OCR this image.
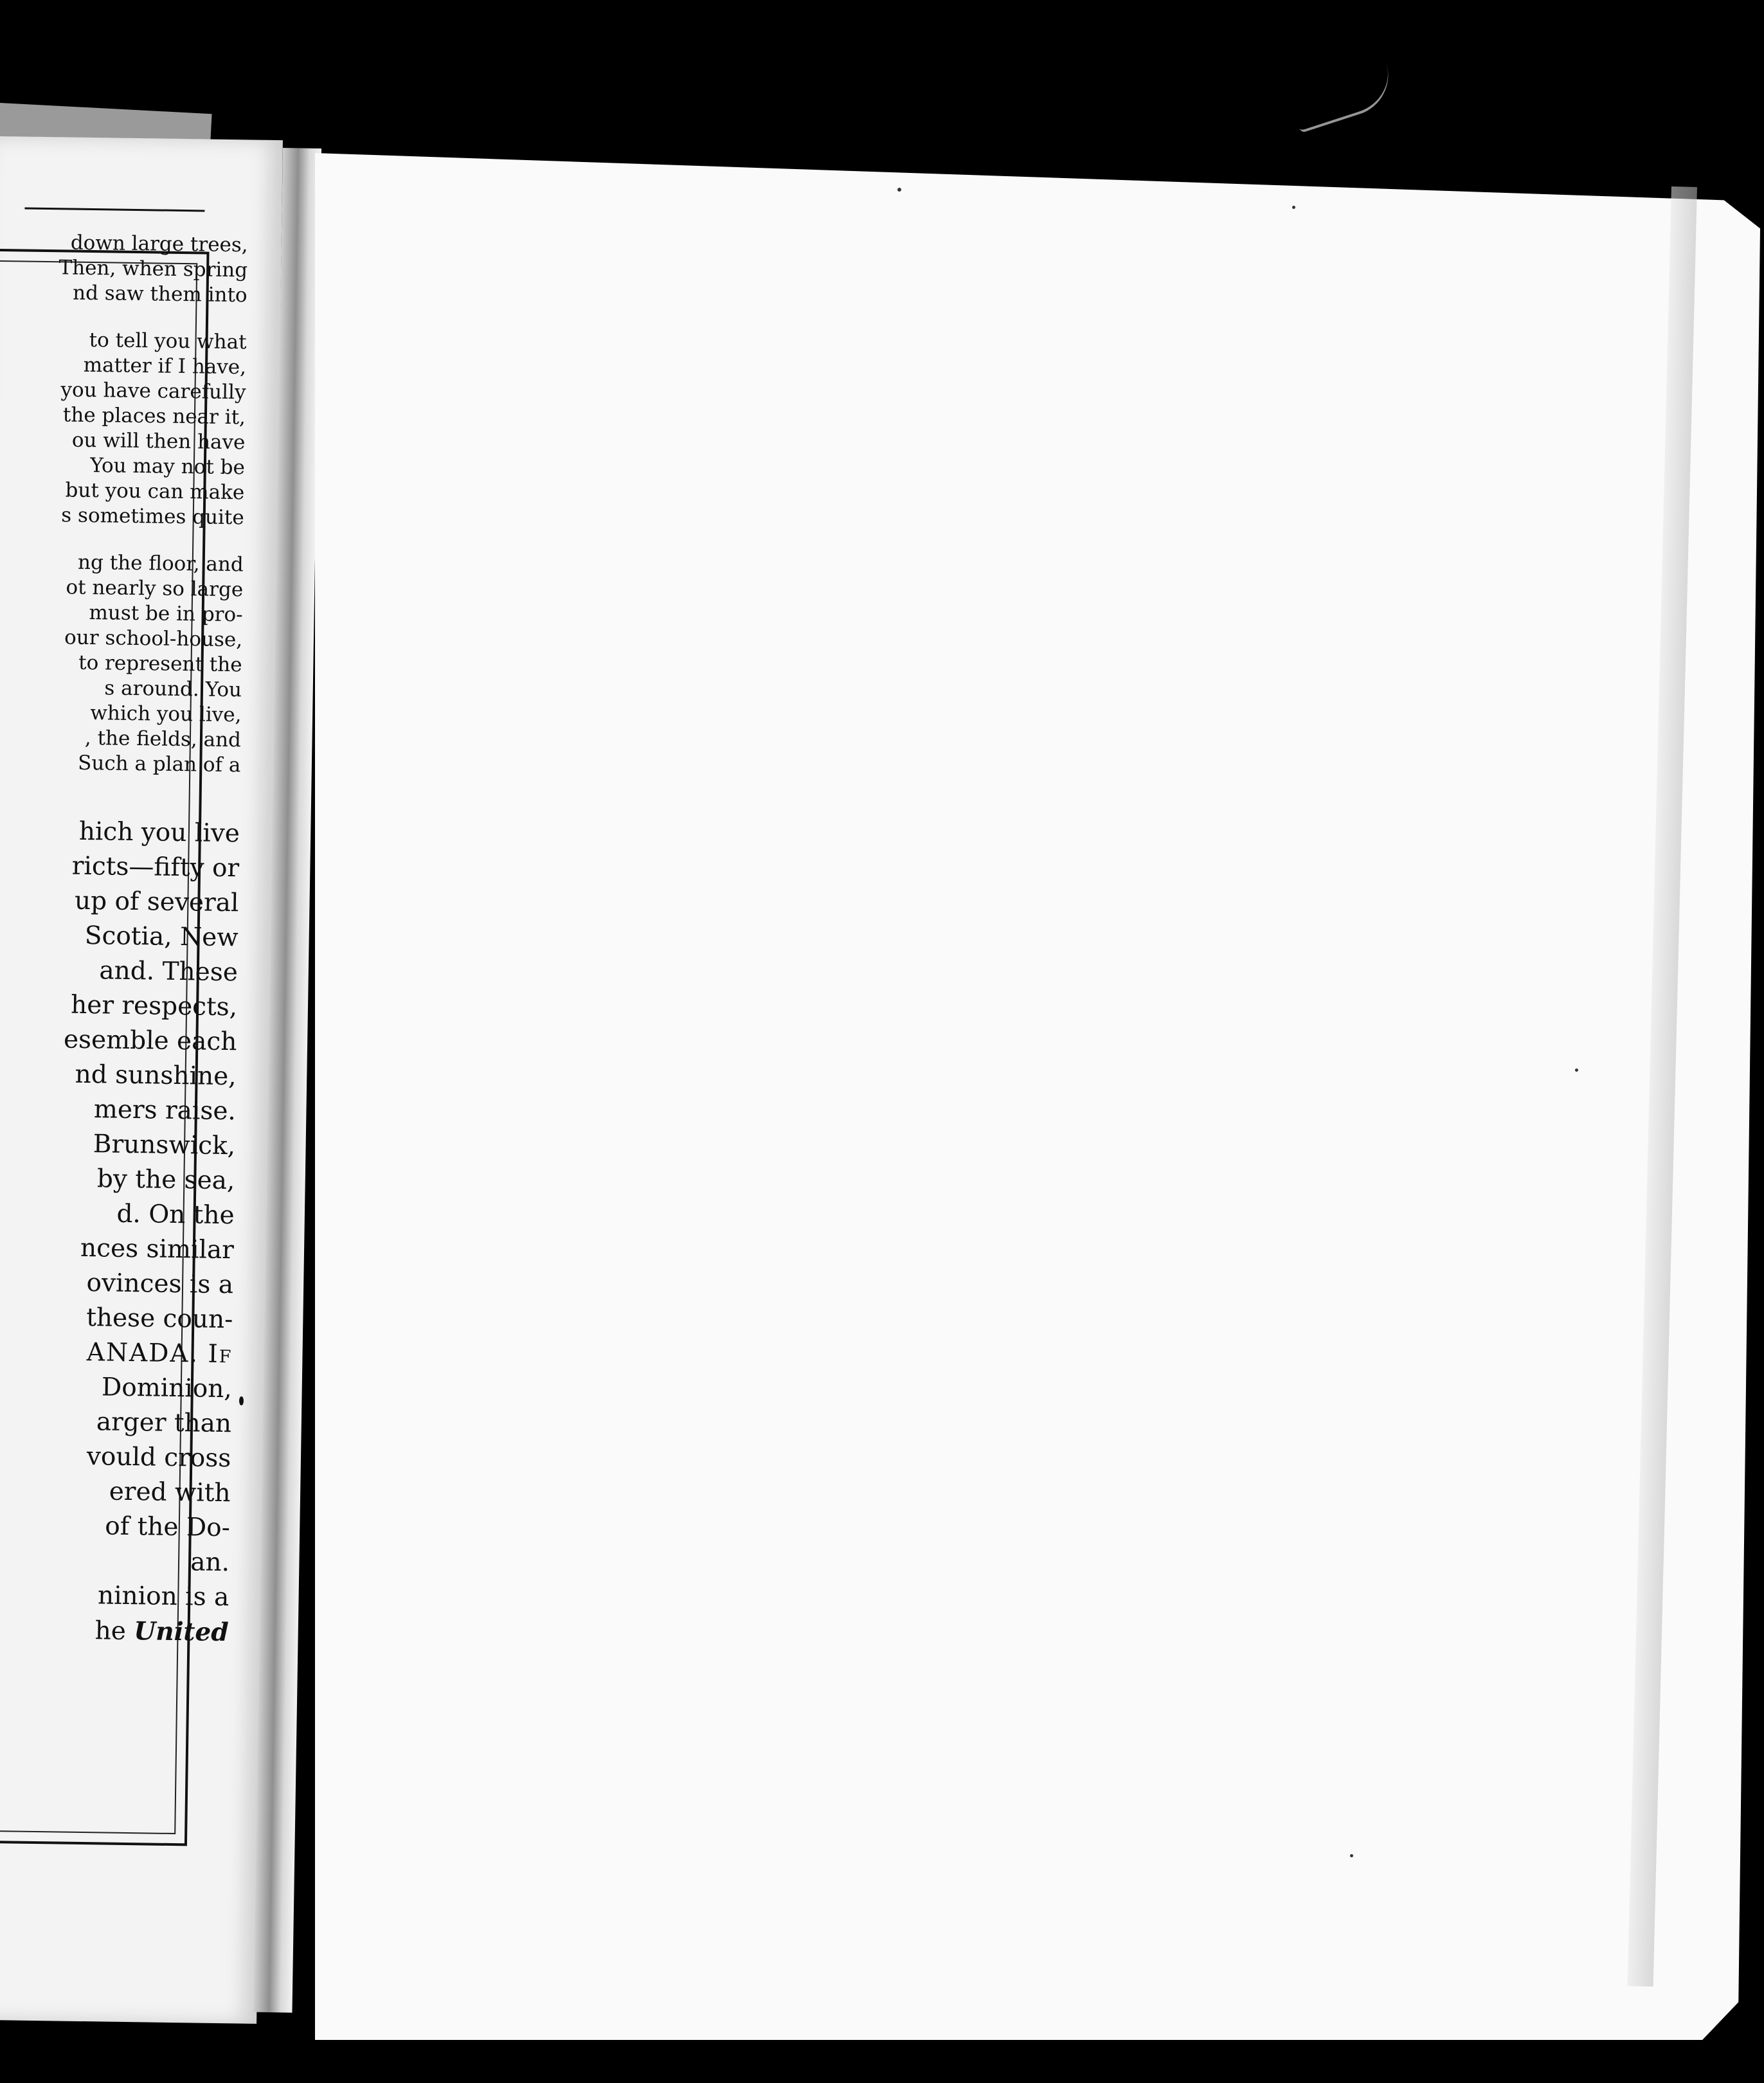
down large trees,
Then, when spring
nd saw them into
to tell you what
matter if I have,
you have carefully
the places near it,
ou will then have
You may not be
but you can make
s sometimes quite
ng the floor, and
ot nearly so large
must be in pro-
our school-house,
to represent the
s around. You
which you live,
, the fields, and
Such a plan of a
hich you live
ricts—fifty or
up of several
Scotia, New
and. These
her respects,
esemble each
nd sunshine,
mers raise.
Brunswick,
by the sea,
d. On the
nces similar
ovinces is a
these coun-
ANADA. If
Dominion,
arger than
vould cross
ered with
of the Do-
an.
ninion is a
he United
